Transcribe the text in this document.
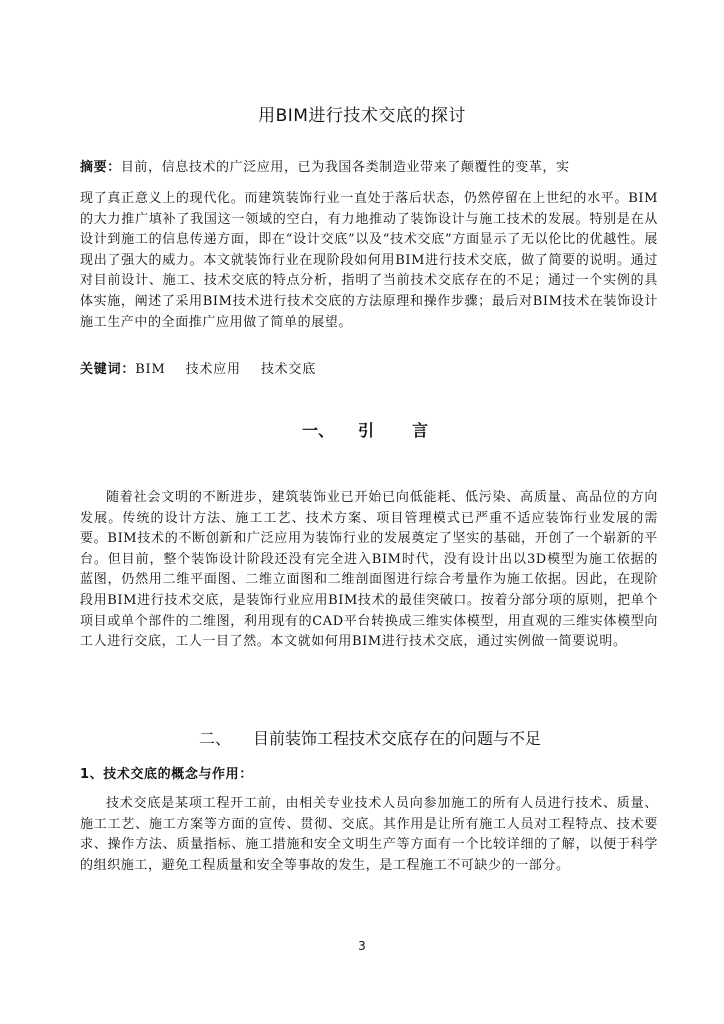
用BIM进行技术交底的探讨
摘要：目前，信息技术的广泛应用，已为我国各类制造业带来了颠覆性的变革，实
现了真正意义上的现代化。而建筑装饰行业一直处于落后状态，仍然停留在上世纪的水平。BIM的大力推广填补了我国这一领域的空白，有力地推动了装饰设计与施工技术的发展。特别是在从设计到施工的信息传递方面，即在“设计交底”以及“技术交底”方面显示了无以伦比的优越性。展现出了强大的威力。本文就装饰行业在现阶段如何用BIM进行技术交底，做了简要的说明。通过对目前设计、施工、技术交底的特点分析，指明了当前技术交底存在的不足；通过一个实例的具体实施，阐述了采用BIM技术进行技术交底的方法原理和操作步骤；最后对BIM技术在装饰设计施工生产中的全面推广应用做了简单的展望。
关键词：BIM 技术应用 技术交底
一、 引 言
随着社会文明的不断进步，建筑装饰业已开始已向低能耗、低污染、高质量、高品位的方向发展。传统的设计方法、施工工艺、技术方案、项目管理模式已严重不适应装饰行业发展的需要。BIM技术的不断创新和广泛应用为装饰行业的发展奠定了坚实的基础，开创了一个崭新的平台。但目前，整个装饰设计阶段还没有完全进入BIM时代，没有设计出以3D模型为施工依据的蓝图，仍然用二维平面图、二维立面图和二维剖面图进行综合考量作为施工依据。因此，在现阶段用BIM进行技术交底，是装饰行业应用BIM技术的最佳突破口。按着分部分项的原则，把单个项目或单个部件的二维图，利用现有的CAD平台转换成三维实体模型，用直观的三维实体模型向工人进行交底，工人一目了然。本文就如何用BIM进行技术交底，通过实例做一简要说明。
二、 目前装饰工程技术交底存在的问题与不足
1、技术交底的概念与作用：
技术交底是某项工程开工前，由相关专业技术人员向参加施工的所有人员进行技术、质量、施工工艺、施工方案等方面的宣传、贯彻、交底。其作用是让所有施工人员对工程特点、技术要求、操作方法、质量指标、施工措施和安全文明生产等方面有一个比较详细的了解，以便于科学的组织施工，避免工程质量和安全等事故的发生，是工程施工不可缺少的一部分。
3
